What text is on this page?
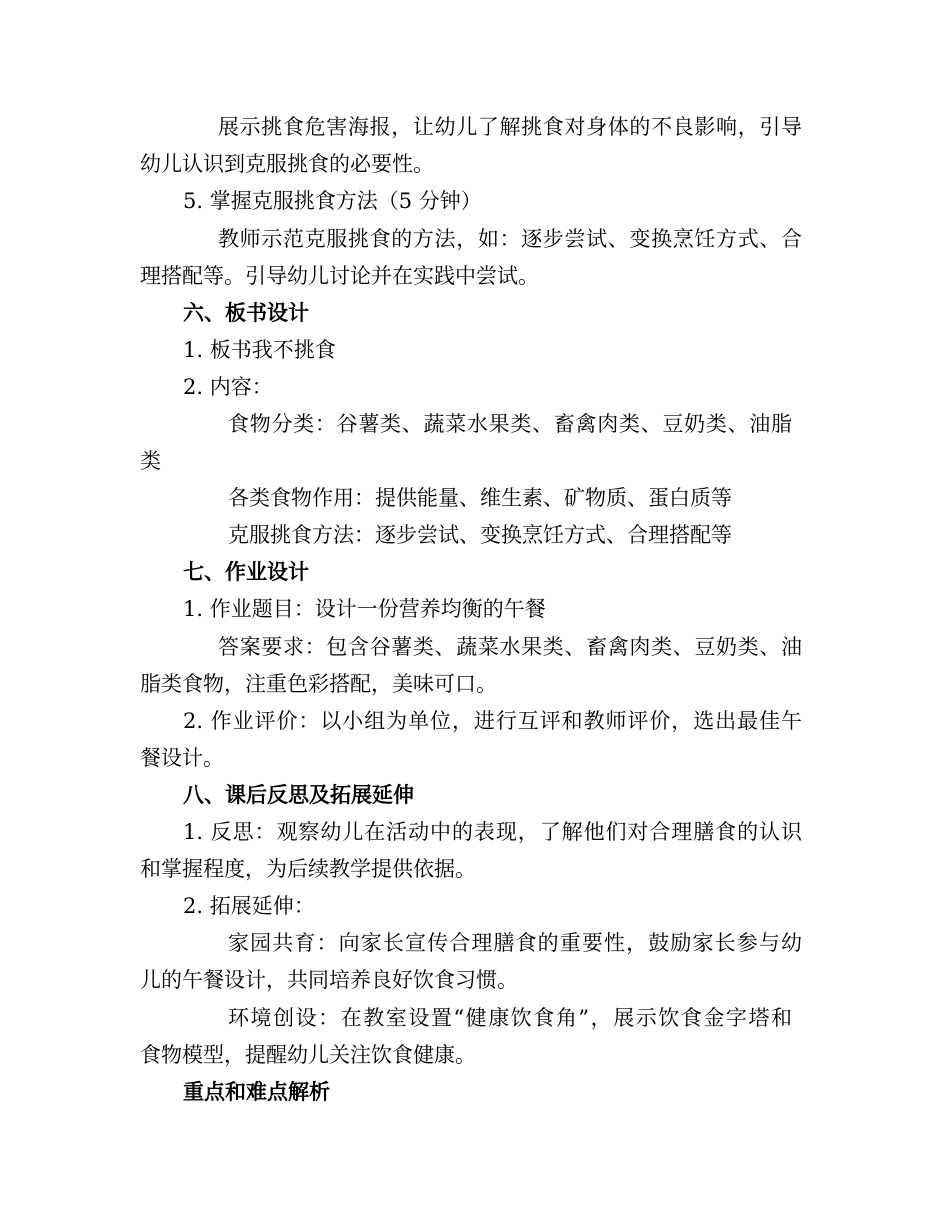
展示挑食危害海报，让幼儿了解挑食对身体的不良影响，引导
幼儿认识到克服挑食的必要性。
5. 掌握克服挑食方法（5 分钟）
教师示范克服挑食的方法，如：逐步尝试、变换烹饪方式、合
理搭配等。引导幼儿讨论并在实践中尝试。
六、板书设计
1. 板书我不挑食
2. 内容：
食物分类：谷薯类、蔬菜水果类、畜禽肉类、豆奶类、油脂
类
各类食物作用：提供能量、维生素、矿物质、蛋白质等
克服挑食方法：逐步尝试、变换烹饪方式、合理搭配等
七、作业设计
1. 作业题目：设计一份营养均衡的午餐
答案要求：包含谷薯类、蔬菜水果类、畜禽肉类、豆奶类、油
脂类食物，注重色彩搭配，美味可口。
2. 作业评价：以小组为单位，进行互评和教师评价，选出最佳午
餐设计。
八、课后反思及拓展延伸
1. 反思：观察幼儿在活动中的表现，了解他们对合理膳食的认识
和掌握程度，为后续教学提供依据。
2. 拓展延伸：
家园共育：向家长宣传合理膳食的重要性，鼓励家长参与幼
儿的午餐设计，共同培养良好饮食习惯。
环境创设：在教室设置“健康饮食角”，展示饮食金字塔和
食物模型，提醒幼儿关注饮食健康。
重点和难点解析
